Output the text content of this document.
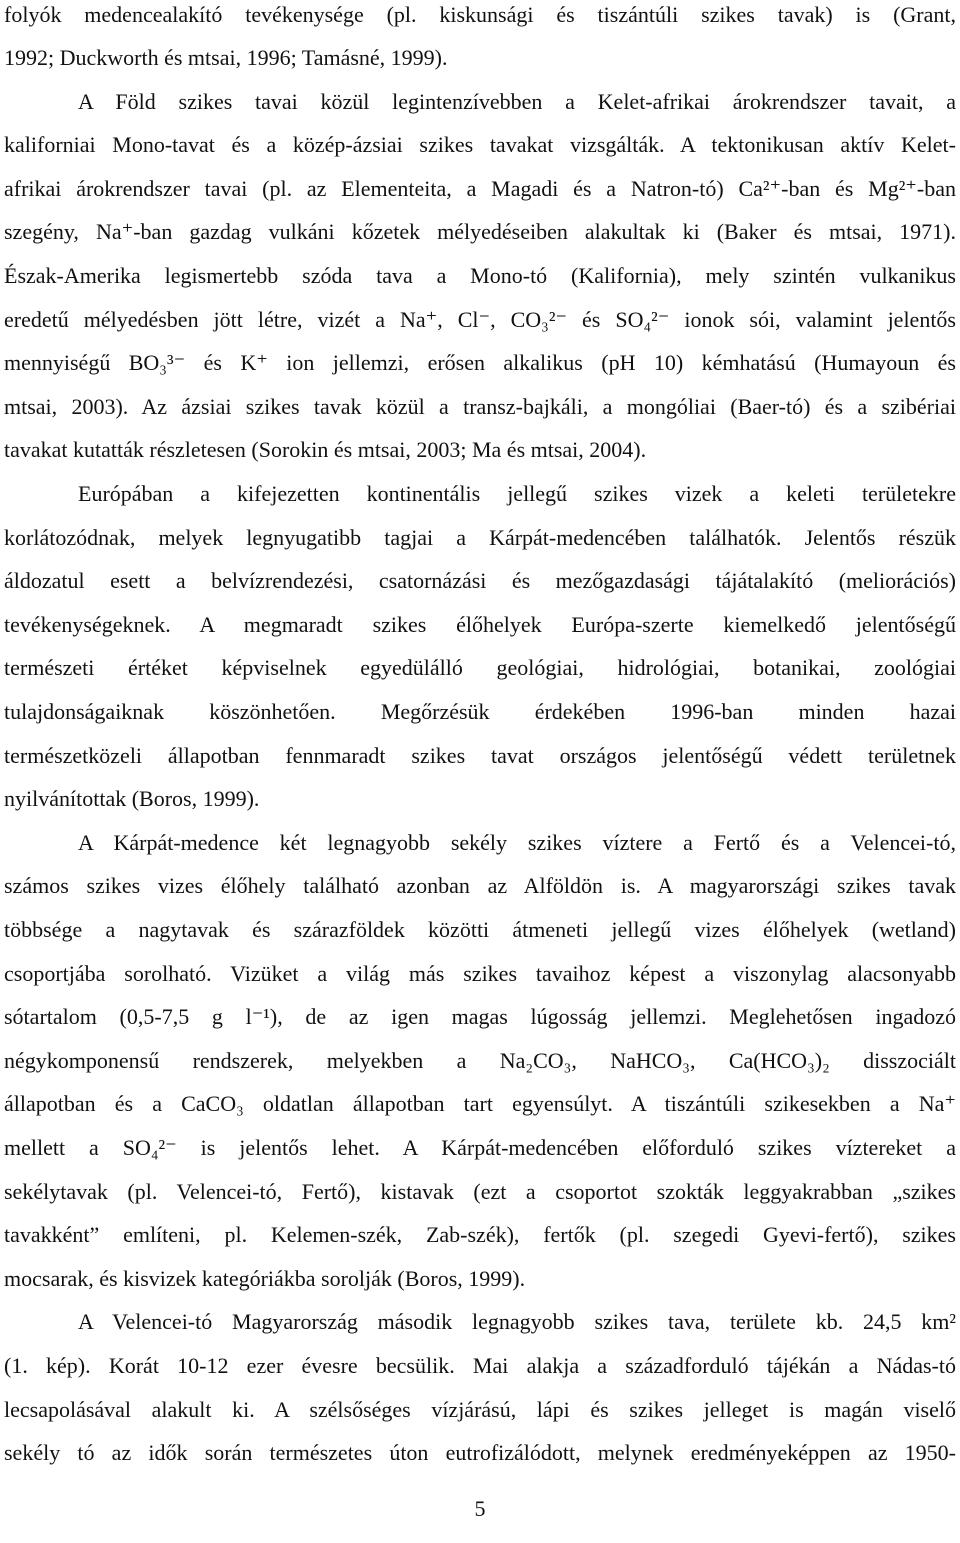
folyók medencealakító tevékenysége (pl. kiskunsági és tiszántúli szikes tavak) is (Grant,
1992; Duckworth és mtsai, 1996; Tamásné, 1999).
A Föld szikes tavai közül legintenzívebben a Kelet-afrikai árokrendszer tavait, a
kaliforniai Mono-tavat és a közép-ázsiai szikes tavakat vizsgálták. A tektonikusan aktív Kelet-
afrikai árokrendszer tavai (pl. az Elementeita, a Magadi és a Natron-tó) Ca²⁺-ban és Mg²⁺-ban
szegény, Na⁺-ban gazdag vulkáni kőzetek mélyedéseiben alakultak ki (Baker és mtsai, 1971).
Észak-Amerika legismertebb szóda tava a Mono-tó (Kalifornia), mely szintén vulkanikus
eredetű mélyedésben jött létre, vizét a Na⁺, Cl⁻, CO₃²⁻ és SO₄²⁻ ionok sói, valamint jelentős
mennyiségű BO₃³⁻ és K⁺ ion jellemzi, erősen alkalikus (pH 10) kémhatású (Humayoun és
mtsai, 2003). Az ázsiai szikes tavak közül a transz-bajkáli, a mongóliai (Baer-tó) és a szibériai
tavakat kutatták részletesen (Sorokin és mtsai, 2003; Ma és mtsai, 2004).
Európában a kifejezetten kontinentális jellegű szikes vizek a keleti területekre
korlátozódnak, melyek legnyugatibb tagjai a Kárpát-medencében találhatók. Jelentős részük
áldozatul esett a belvízrendezési, csatornázási és mezőgazdasági tájátalakító (meliorációs)
tevékenységeknek. A megmaradt szikes élőhelyek Európa-szerte kiemelkedő jelentőségű
természeti értéket képviselnek egyedülálló geológiai, hidrológiai, botanikai, zoológiai
tulajdonságaiknak köszönhetően. Megőrzésük érdekében 1996-ban minden hazai
természetközeli állapotban fennmaradt szikes tavat országos jelentőségű védett területnek
nyilvánítottak (Boros, 1999).
A Kárpát-medence két legnagyobb sekély szikes víztere a Fertő és a Velencei-tó,
számos szikes vizes élőhely található azonban az Alföldön is. A magyarországi szikes tavak
többsége a nagytavak és szárazföldek közötti átmeneti jellegű vizes élőhelyek (wetland)
csoportjába sorolható. Vizüket a világ más szikes tavaihoz képest a viszonylag alacsonyabb
sótartalom (0,5-7,5 g l⁻¹), de az igen magas lúgosság jellemzi. Meglehetősen ingadozó
négykomponensű rendszerek, melyekben a Na₂CO₃, NaHCO₃, Ca(HCO₃)₂ disszociált
állapotban és a CaCO₃ oldatlan állapotban tart egyensúlyt. A tiszántúli szikesekben a Na⁺
mellett a SO₄²⁻ is jelentős lehet. A Kárpát-medencében előforduló szikes víztereket a
sekélytavak (pl. Velencei-tó, Fertő), kistavak (ezt a csoportot szokták leggyakrabban „szikes
tavakként” említeni, pl. Kelemen-szék, Zab-szék), fertők (pl. szegedi Gyevi-fertő), szikes
mocsarak, és kisvizek kategóriákba sorolják (Boros, 1999).
A Velencei-tó Magyarország második legnagyobb szikes tava, területe kb. 24,5 km²
(1. kép). Korát 10-12 ezer évesre becsülik. Mai alakja a századforduló tájékán a Nádas-tó
lecsapolásával alakult ki. A szélsőséges vízjárású, lápi és szikes jelleget is magán viselő
sekély tó az idők során természetes úton eutrofizálódott, melynek eredményeképpen az 1950-
5
